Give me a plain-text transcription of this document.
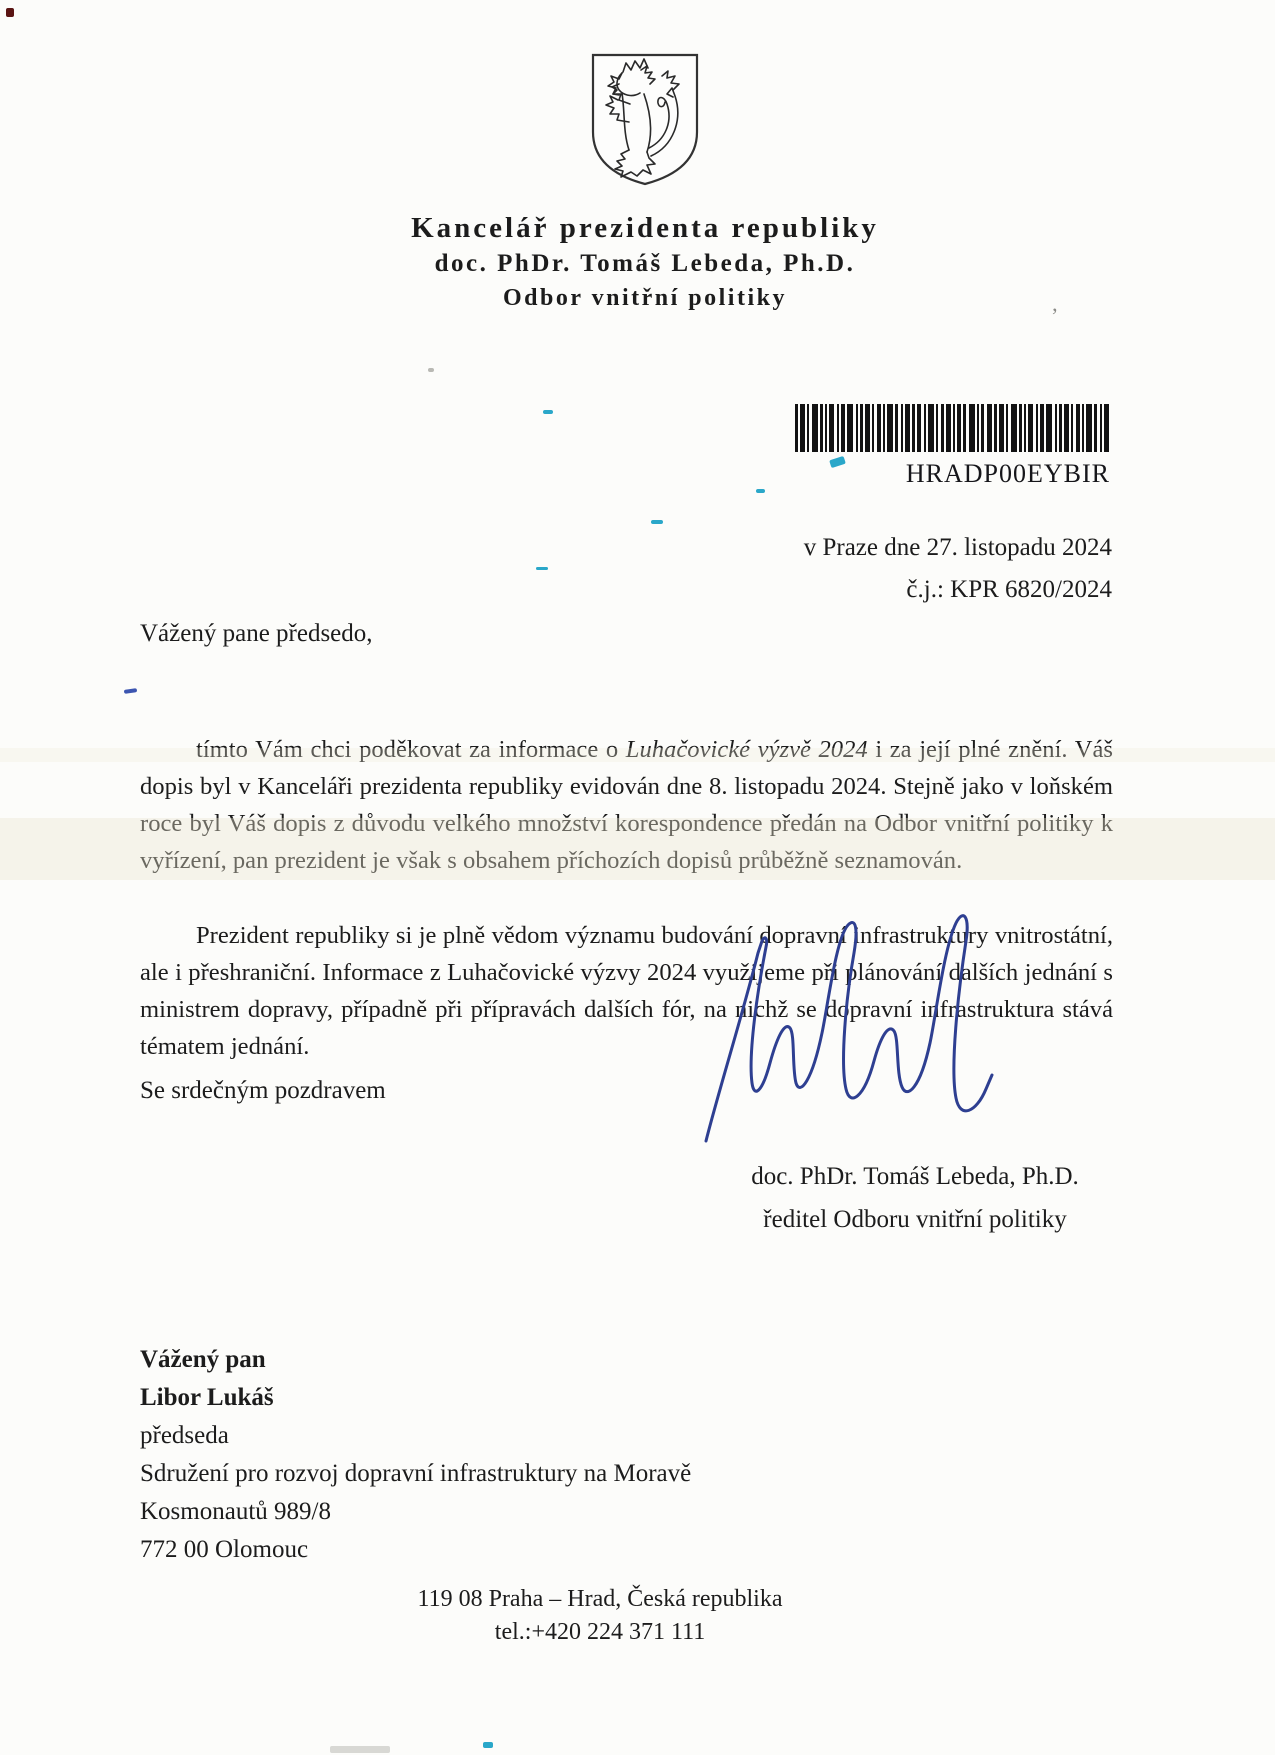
Kancelář prezidenta republiky
doc. PhDr. Tomáš Lebeda, Ph.D.
Odbor vnitřní politiky
HRADP00EYBIR
v Praze dne 27. listopadu 2024
č.j.: KPR 6820/2024
Vážený pane předsedo,

tímto Vám chci poděkovat za informace o Luhačovické výzvě 2024 i za její plné znění. Váš dopis byl v Kanceláři prezidenta republiky evidován dne 8. listopadu 2024. Stejně jako v loňském roce byl Váš dopis z důvodu velkého množství korespondence předán na Odbor vnitřní politiky k vyřízení, pan prezident je však s obsahem příchozích dopisů průběžně seznamován.

Prezident republiky si je plně vědom významu budování dopravní infrastruktury vnitrostátní, ale i přeshraniční. Informace z Luhačovické výzvy 2024 využijeme při plánování dalších jednání s ministrem dopravy, případně při přípravách dalších fór, na nichž se dopravní infrastruktura stává tématem jednání.

Se srdečným pozdravem
doc. PhDr. Tomáš Lebeda, Ph.D.
ředitel Odboru vnitřní politiky
Vážený pan
Libor Lukáš
předseda
Sdružení pro rozvoj dopravní infrastruktury na Moravě
Kosmonautů 989/8
772 00 Olomouc
119 08 Praha – Hrad, Česká republika
tel.:+420 224 371 111
’
